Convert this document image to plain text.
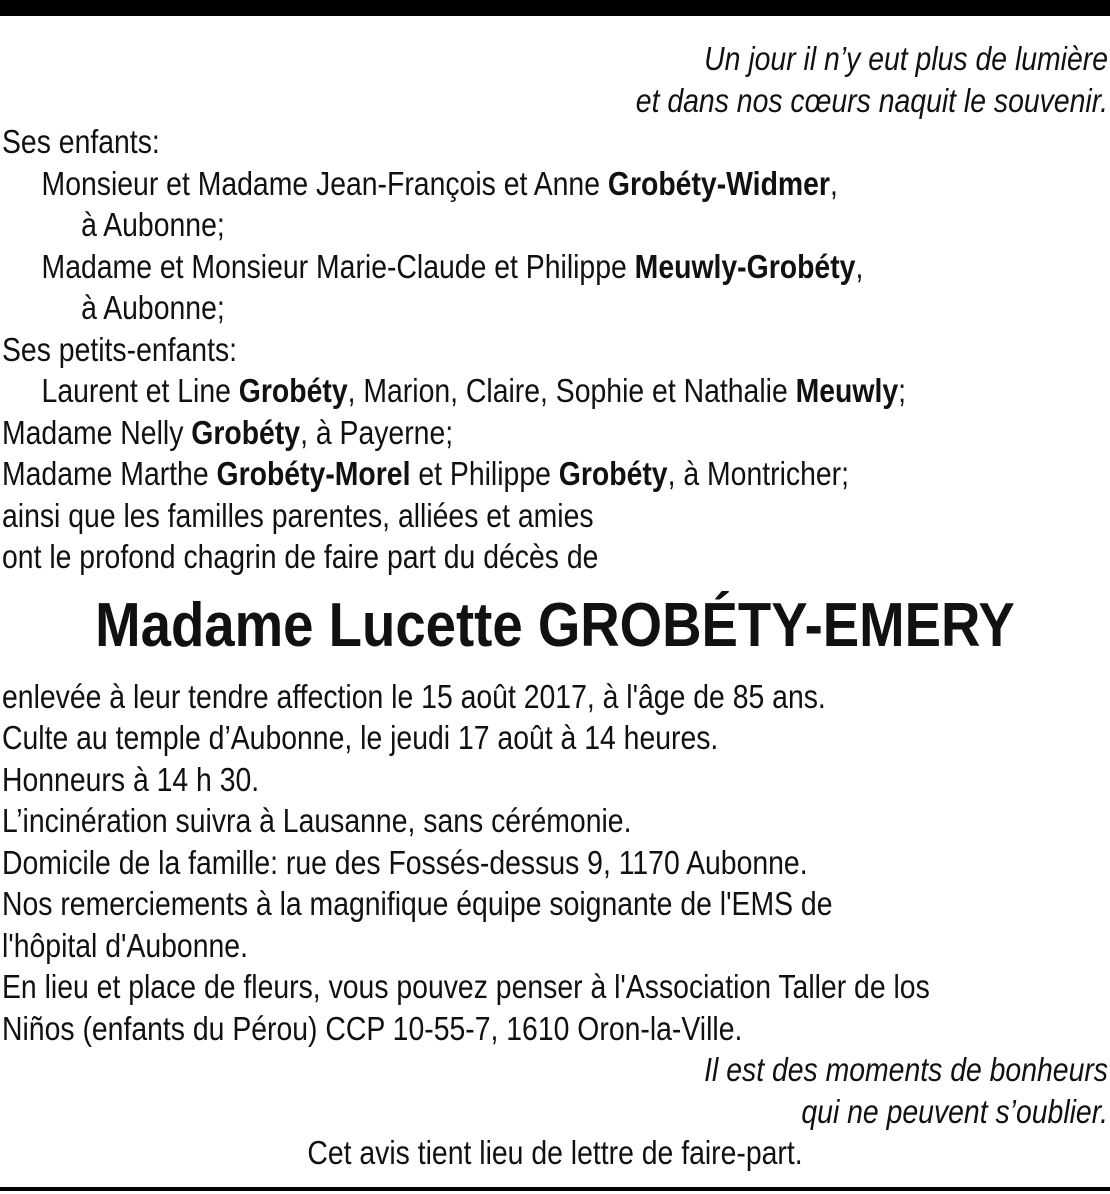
Un jour il n’y eut plus de lumière
et dans nos cœurs naquit le souvenir.
Ses enfants:
Monsieur et Madame Jean-François et Anne Grobéty-Widmer,
à Aubonne;
Madame et Monsieur Marie-Claude et Philippe Meuwly-Grobéty,
à Aubonne;
Ses petits-enfants:
Laurent et Line Grobéty, Marion, Claire, Sophie et Nathalie Meuwly;
Madame Nelly Grobéty, à Payerne;
Madame Marthe Grobéty-Morel et Philippe Grobéty, à Montricher;
ainsi que les familles parentes, alliées et amies
ont le profond chagrin de faire part du décès de
Madame Lucette GROBÉTY-EMERY
enlevée à leur tendre affection le 15 août 2017, à l'âge de 85 ans.
Culte au temple d’Aubonne, le jeudi 17 août à 14 heures.
Honneurs à 14 h 30.
L’incinération suivra à Lausanne, sans cérémonie.
Domicile de la famille: rue des Fossés-dessus 9, 1170 Aubonne.
Nos remerciements à la magnifique équipe soignante de l'EMS de
l'hôpital d'Aubonne.
En lieu et place de fleurs, vous pouvez penser à l'Association Taller de los
Niños (enfants du Pérou) CCP 10-55-7, 1610 Oron-la-Ville.
Il est des moments de bonheurs
qui ne peuvent s’oublier.
Cet avis tient lieu de lettre de faire-part.
